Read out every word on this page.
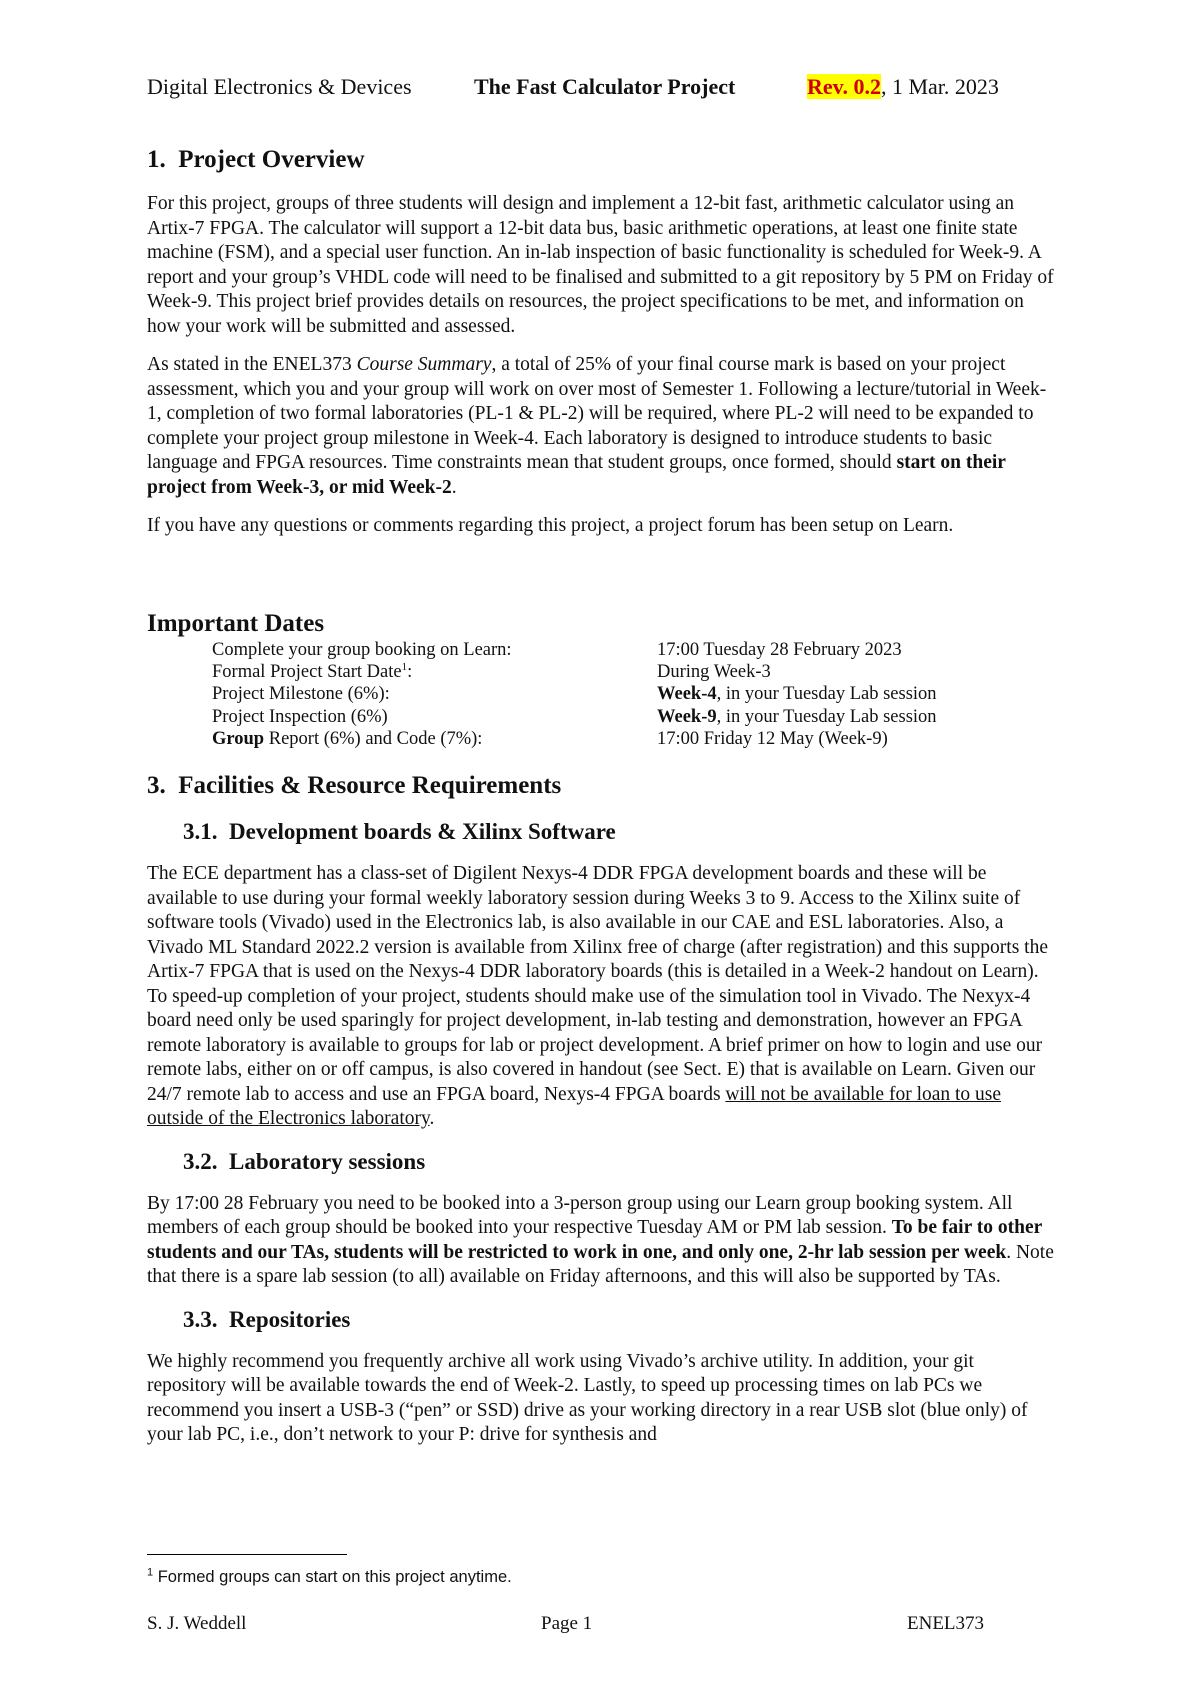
Digital Electronics & Devices	The Fast Calculator Project	Rev. 0.2, 1 Mar. 2023
1. Project Overview

For this project, groups of three students will design and implement a 12-bit fast, arithmetic calculator using an Artix-7 FPGA. The calculator will support a 12-bit data bus, basic arithmetic operations, at least one finite state machine (FSM), and a special user function. An in-lab inspection of basic functionality is scheduled for Week-9. A report and your group’s VHDL code will need to be finalised and submitted to a git repository by 5 PM on Friday of Week-9. This project brief provides details on resources, the project specifications to be met, and information on how your work will be submitted and assessed.

As stated in the ENEL373 Course Summary, a total of 25% of your final course mark is based on your project assessment, which you and your group will work on over most of Semester 1. Following a lecture/tutorial in Week-1, completion of two formal laboratories (PL-1 & PL-2) will be required, where PL-2 will need to be expanded to complete your project group milestone in Week-4. Each laboratory is designed to introduce students to basic language and FPGA resources. Time constraints mean that student groups, once formed, should start on their project from Week-3, or mid Week-2.

If you have any questions or comments regarding this project, a project forum has been setup on Learn.

Important Dates
Complete your group booking on Learn:	17:00 Tuesday 28 February 2023
Formal Project Start Date$^1$:	During Week-3
Project Milestone (6%):	Week-4, in your Tuesday Lab session
Project Inspection (6%)	Week-9, in your Tuesday Lab session
Group Report (6%) and Code (7%):	17:00 Friday 12 May (Week-9)
3. Facilities & Resource Requirements
3.1. Development boards & Xilinx Software

The ECE department has a class-set of Digilent Nexys-4 DDR FPGA development boards and these will be available to use during your formal weekly laboratory session during Weeks 3 to 9. Access to the Xilinx suite of software tools (Vivado) used in the Electronics lab, is also available in our CAE and ESL laboratories. Also, a Vivado ML Standard 2022.2 version is available from Xilinx free of charge (after registration) and this supports the Artix-7 FPGA that is used on the Nexys-4 DDR laboratory boards (this is detailed in a Week-2 handout on Learn). To speed-up completion of your project, students should make use of the simulation tool in Vivado. The Nexyx-4 board need only be used sparingly for project development, in-lab testing and demonstration, however an FPGA remote laboratory is available to groups for lab or project development. A brief primer on how to login and use our remote labs, either on or off campus, is also covered in handout (see Sect. E) that is available on Learn. Given our 24/7 remote lab to access and use an FPGA board, Nexys-4 FPGA boards will not be available for loan to use outside of the Electronics laboratory.

3.2. Laboratory sessions

By 17:00 28 February you need to be booked into a 3-person group using our Learn group booking system. All members of each group should be booked into your respective Tuesday AM or PM lab session. To be fair to other students and our TAs, students will be restricted to work in one, and only one, 2-hr lab session per week. Note that there is a spare lab session (to all) available on Friday afternoons, and this will also be supported by TAs.

3.3. Repositories

We highly recommend you frequently archive all work using Vivado’s archive utility. In addition, your git repository will be available towards the end of Week-2. Lastly, to speed up processing times on lab PCs we recommend you insert a USB-3 (“pen” or SSD) drive as your working directory in a rear USB slot (blue only) of your lab PC, i.e., don’t network to your P: drive for synthesis and

$^1$ Formed groups can start on this project anytime.
S. J. Weddell	Page 1	ENEL373
